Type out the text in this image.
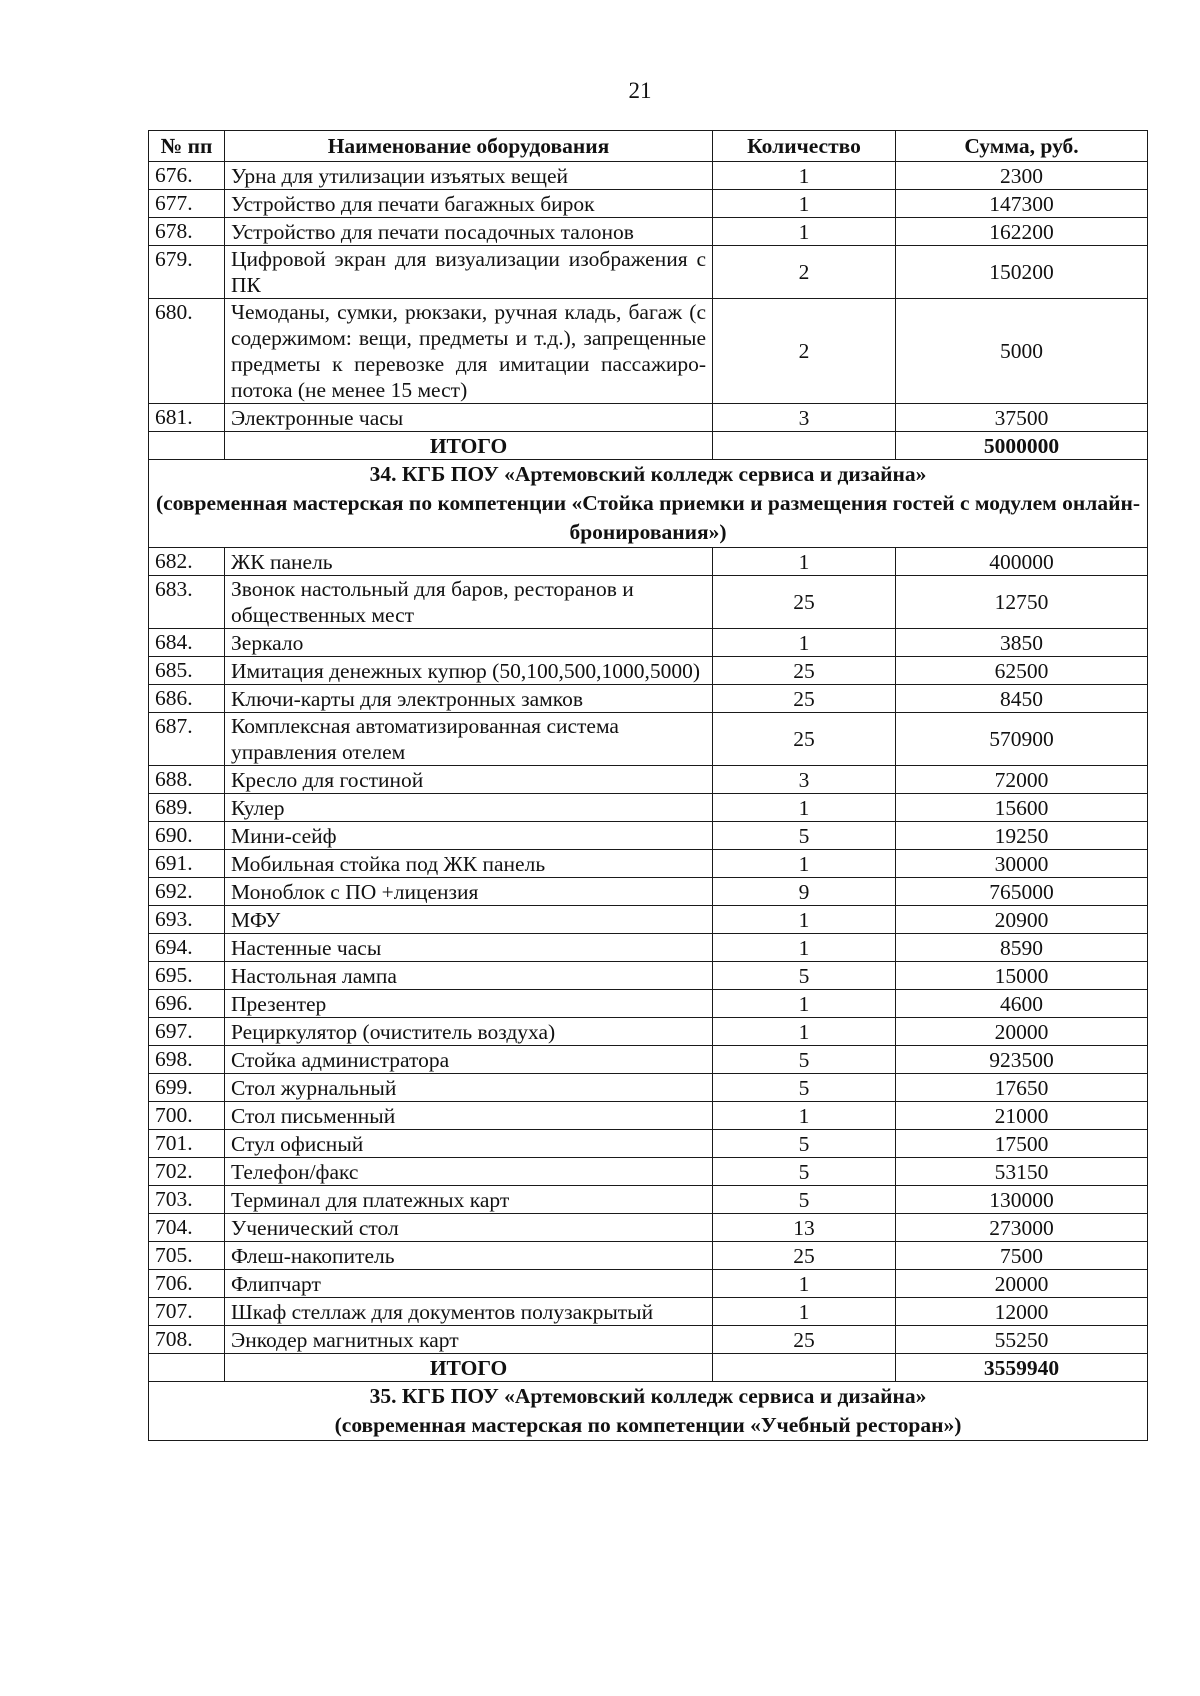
21
№ пп	Наименование оборудования	Количество	Сумма, руб.
676.	Урна для утилизации изъятых вещей	1	2300
677.	Устройство для печати багажных бирок	1	147300
678.	Устройство для печати посадочных талонов	1	162200
679.	Цифровой экран для визуализации изображения с ПК	2	150200
680.	Чемоданы, сумки, рюкзаки, ручная кладь, багаж (с содержимом: вещи, предметы и т.д.), запрещенные предметы к перевозке для имитации пассажиро-потока (не менее 15 мест)	2	5000
681.	Электронные часы	3	37500
	ИТОГО		5000000

34. КГБ ПОУ «Артемовский колледж сервиса и дизайна»
(современная мастерская по компетенции «Стойка приемки и размещения гостей с модулем онлайн-бронирования»)			

682.	ЖК панель	1	400000
683.	Звонок настольный для баров, ресторанов и общественных мест	25	12750
684.	Зеркало	1	3850
685.	Имитация денежных купюр (50,100,500,1000,5000)	25	62500
686.	Ключи-карты для электронных замков	25	8450
687.	Комплексная автоматизированная система управления отелем	25	570900
688.	Кресло для гостиной	3	72000
689.	Кулер	1	15600
690.	Мини-сейф	5	19250
691.	Мобильная стойка под ЖК панель	1	30000
692.	Моноблок с ПО +лицензия	9	765000
693.	МФУ	1	20900
694.	Настенные часы	1	8590
695.	Настольная лампа	5	15000
696.	Презентер	1	4600
697.	Рециркулятор (очиститель воздуха)	1	20000
698.	Стойка администратора	5	923500
699.	Стол журнальный	5	17650
700.	Стол письменный	1	21000
701.	Стул офисный	5	17500
702.	Телефон/факс	5	53150
703.	Терминал для платежных карт	5	130000
704.	Ученический стол	13	273000
705.	Флеш-накопитель	25	7500
706.	Флипчарт	1	20000
707.	Шкаф стеллаж для документов полузакрытый	1	12000
708.	Энкодер магнитных карт	25	55250
	ИТОГО		3559940

35. КГБ ПОУ «Артемовский колледж сервиса и дизайна»
(современная мастерская по компетенции «Учебный ресторан»)			
